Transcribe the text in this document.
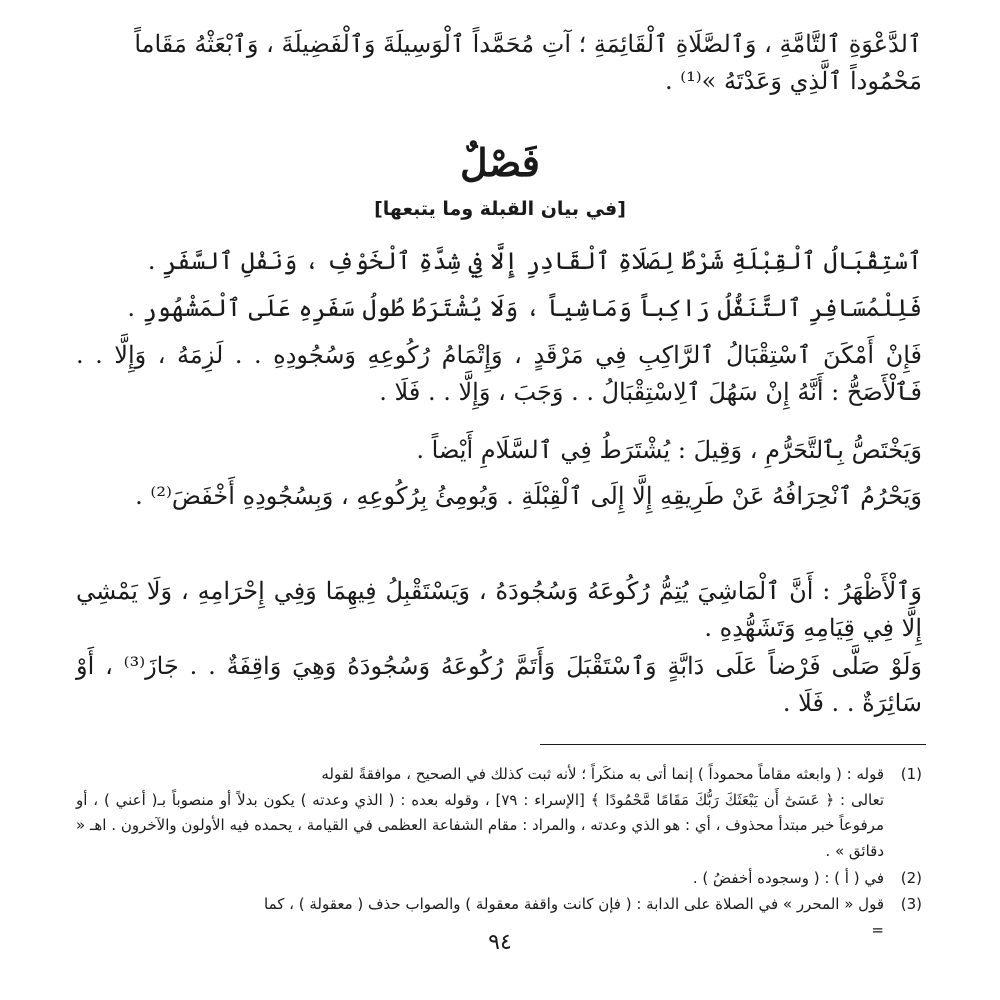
ٱلدَّعْوَةِ ٱلتَّامَّةِ ، وَٱلصَّلَاةِ ٱلْقَائِمَةِ ؛ آتِ مُحَمَّداً ٱلْوَسِيلَةَ وَٱلْفَضِيلَةَ ، وَٱبْعَثْهُ مَقَاماً
مَحْمُوداً ٱلَّذِي وَعَدْتَهُ »⁽¹⁾ .

فَصْلٌ
[في بيان القبلة وما يتبعها]

ٱسْتِقْبَالُ ٱلْقِبْلَةِ شَرْطٌ لِصَلَاةِ ٱلْقَادِرِ إِلَّا فِي شِدَّةِ ٱلْخَوْفِ ، وَنَفْلِ ٱلسَّفَرِ .

فَلِلْمُسَافِرِ ٱلتَّنَفُّلُ رَاكِباً وَمَاشِياً ، وَلَا يُشْتَرَطُ طُولُ سَفَرِهِ عَلَى ٱلْمَشْهُورِ .

فَإِنْ أَمْكَنَ ٱسْتِقْبَالُ ٱلرَّاكِبِ فِي مَرْقَدٍ ، وَإِتْمَامُ رُكُوعِهِ وَسُجُودِهِ . . لَزِمَهُ ، وَإِلَّا . . فَٱلْأَصَحُّ : أَنَّهُ إِنْ سَهُلَ ٱلِاسْتِقْبَالُ . . وَجَبَ ، وَإِلَّا . . فَلَا .

وَيَخْتَصُّ بِٱلتَّحَرُّمِ ، وَقِيلَ : يُشْتَرَطُ فِي ٱلسَّلَامِ أَيْضاً .

وَيَحْرُمُ ٱنْحِرَافُهُ عَنْ طَرِيقِهِ إِلَّا إِلَى ٱلْقِبْلَةِ . وَيُومِئُ بِرُكُوعِهِ ، وَبِسُجُودِهِ أَخْفَضَ⁽²⁾ .

وَٱلْأَظْهَرُ : أَنَّ ٱلْمَاشِيَ يُتِمُّ رُكُوعَهُ وَسُجُودَهُ ، وَيَسْتَقْبِلُ فِيهِمَا وَفِي إِحْرَامِهِ ، وَلَا يَمْشِي إِلَّا فِي قِيَامِهِ وَتَشَهُّدِهِ .

وَلَوْ صَلَّى فَرْضاً عَلَى دَابَّةٍ وَٱسْتَقْبَلَ وَأَتَمَّ رُكُوعَهُ وَسُجُودَهُ وَهِيَ وَاقِفَةٌ . . جَازَ⁽³⁾ ، أَوْ سَائِرَةٌ . . فَلَا .

(1)قوله : ( وابعثه مقاماً محموداً ) إنما أتى به منكَراً ؛ لأنه ثبت كذلك في الصحيح ، موافقةً لقوله

تعالى : ﴿ عَسَىٰٓ أَن يَبْعَثَكَ رَبُّكَ مَقَامًا مَّحْمُودًا ﴾ [الإسراء : ٧٩] ، وقوله بعده : ( الذي وعدته ) يكون بدلاً أو منصوباً بـ( أعني ) ، أو مرفوعاً خبر مبتدأ محذوف ، أي : هو الذي وعدته ، والمراد : مقام الشفاعة العظمى في القيامة ، يحمده فيه الأولون والآخرون . اهـ « دقائق » .

(2)في ( أ ) : ( وسجوده أخفضُ ) .

(3)قول « المحرر » في الصلاة على الدابة : ( فإن كانت واقفة معقولة ) والصواب حذف ( معقولة ) ، كما
=

٩٤
